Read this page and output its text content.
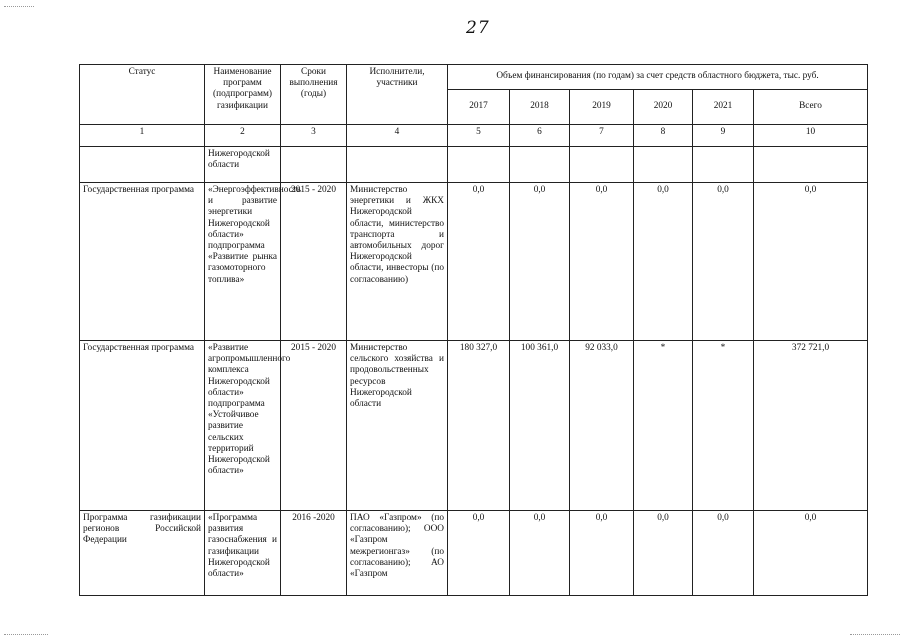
27
Статус	Наименование программ (подпрограмм) газификации	Сроки выполнения (годы)	Исполнители, участники	Объем финансирования (по годам) за счет средств областного бюджета, тыс. руб.					
				2017	2018	2019	2020	2021	Всего
1	2	3	4	5	6	7	8	9	10
	Нижегородской области								
Государственная программа	«Энергоэффективность и развитие энергетики Нижегородской области» подпрограмма «Развитие рынка газомоторного топлива»	2015 - 2020	Министерство энергетики и ЖКХ Нижегородской области, министерство транспорта и автомобильных дорог Нижегородской области, инвесторы (по согласованию)	0,0	0,0	0,0	0,0	0,0	0,0
Государственная программа	«Развитие агропромышленного комплекса Нижегородской области» подпрограмма «Устойчивое развитие сельских территорий Нижегородской области»	2015 - 2020	Министерство сельского хозяйства и продовольственных ресурсов Нижегородской области	180 327,0	100 361,0	92 033,0	*	*	372 721,0
Программа газификации регионов Российской Федерации	«Программа развития газоснабжения и газификации Нижегородской области»	2016 -2020	ПАО «Газпром» (по согласованию); ООО «Газпром межрегионгаз» (по согласованию); АО «Газпром	0,0	0,0	0,0	0,0	0,0	0,0
